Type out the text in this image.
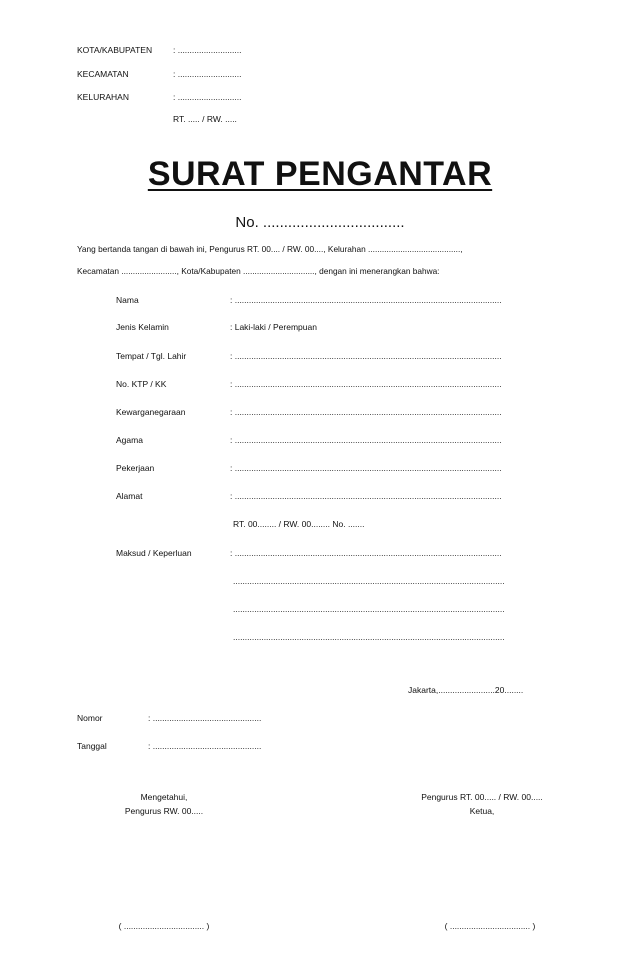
KOTA/KABUPATEN	: ...........................
KECAMATAN	: ...........................
KELURAHAN	: ...........................
RT. ..... / RW. .....
SURAT PENGANTAR
No. ..................................
Yang bertanda tangan di bawah ini, Pengurus RT. 00.... / RW. 00...., Kelurahan ........................................,
Kecamatan ........................, Kota/Kabupaten ..............................., dengan ini menerangkan bahwa:
Nama	: .................................................................................................................
Jenis Kelamin	: Laki-laki / Perempuan
Tempat / Tgl. Lahir	: .................................................................................................................
No. KTP / KK	: .................................................................................................................
Kewarganegaraan	: .................................................................................................................
Agama	: .................................................................................................................
Pekerjaan	: .................................................................................................................
Alamat	: .................................................................................................................
RT. 00........ / RW. 00........ No. .......
Maksud / Keperluan	: .................................................................................................................
...................................................................................................................
...................................................................................................................
...................................................................................................................
Jakarta,........................20........
Nomor	: ..............................................
Tanggal	: ..............................................
Mengetahui,
Pengurus RW. 00.....
Pengurus RT. 00..... / RW. 00.....
Ketua,
( .................................. )	( .................................. )
